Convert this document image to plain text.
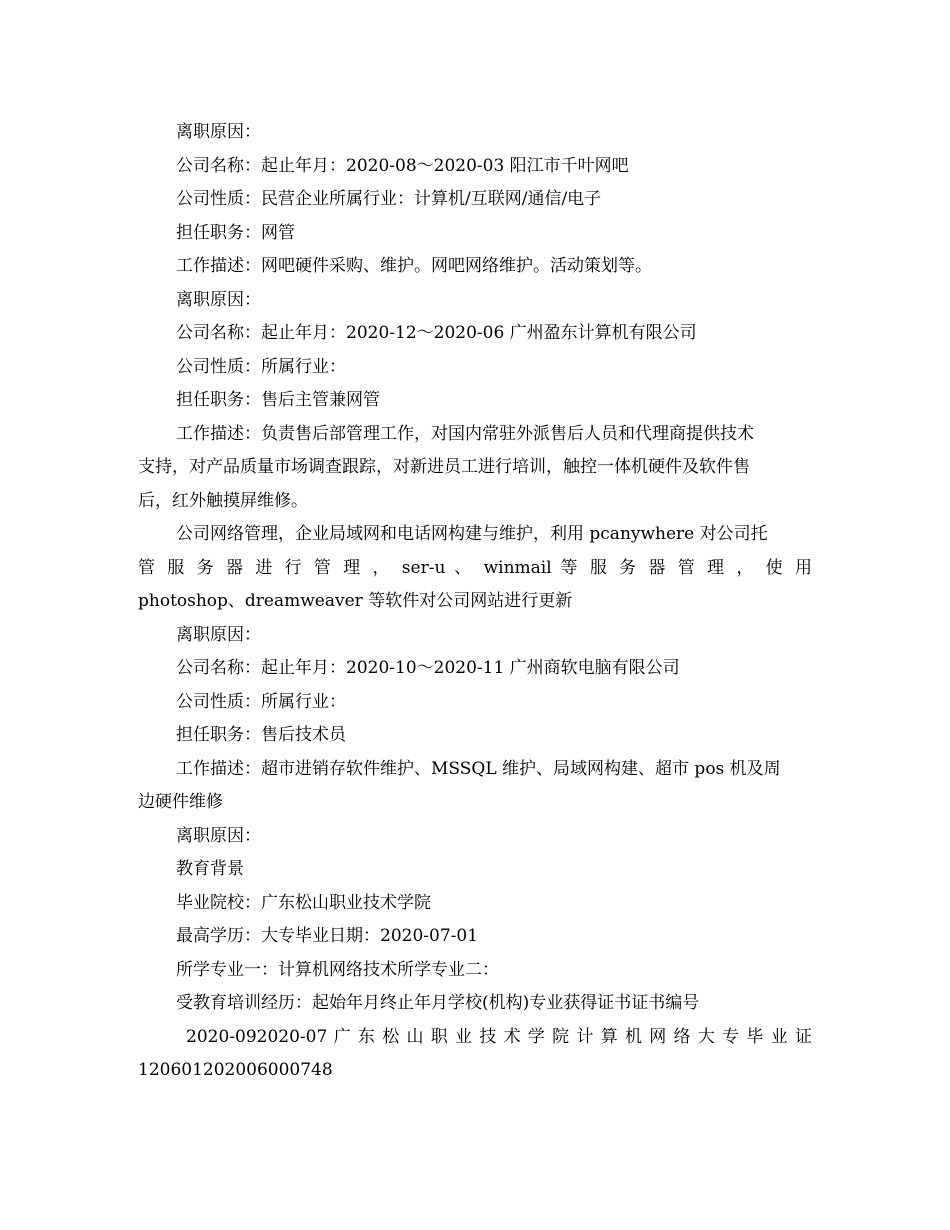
离职原因：
公司名称：起止年月：2020-08～2020-03 阳江市千叶网吧
公司性质：民营企业所属行业：计算机/互联网/通信/电子
担任职务：网管
工作描述：网吧硬件采购、维护。网吧网络维护。活动策划等。
离职原因：
公司名称：起止年月：2020-12～2020-06 广州盈东计算机有限公司
公司性质：所属行业：
担任职务：售后主管兼网管
工作描述：负责售后部管理工作，对国内常驻外派售后人员和代理商提供技术
支持，对产品质量市场调查跟踪，对新进员工进行培训，触控一体机硬件及软件售
后，红外触摸屏维修。
公司网络管理，企业局域网和电话网构建与维护，利用 pcanywhere 对公司托
管 服 务 器 进 行 管 理 ， ser-u 、 winmail 等 服 务 器 管 理 ， 使 用
photoshop、dreamweaver 等软件对公司网站进行更新
离职原因：
公司名称：起止年月：2020-10～2020-11 广州商软电脑有限公司
公司性质：所属行业：
担任职务：售后技术员
工作描述：超市进销存软件维护、MSSQL 维护、局域网构建、超市 pos 机及周
边硬件维修
离职原因：
教育背景
毕业院校：广东松山职业技术学院
最高学历：大专毕业日期：2020-07-01
所学专业一：计算机网络技术所学专业二：
受教育培训经历：起始年月终止年月学校(机构)专业获得证书证书编号
2020-092020-07 广 东 松 山 职 业 技 术 学 院 计 算 机 网 络 大 专 毕 业 证
120601202006000748
